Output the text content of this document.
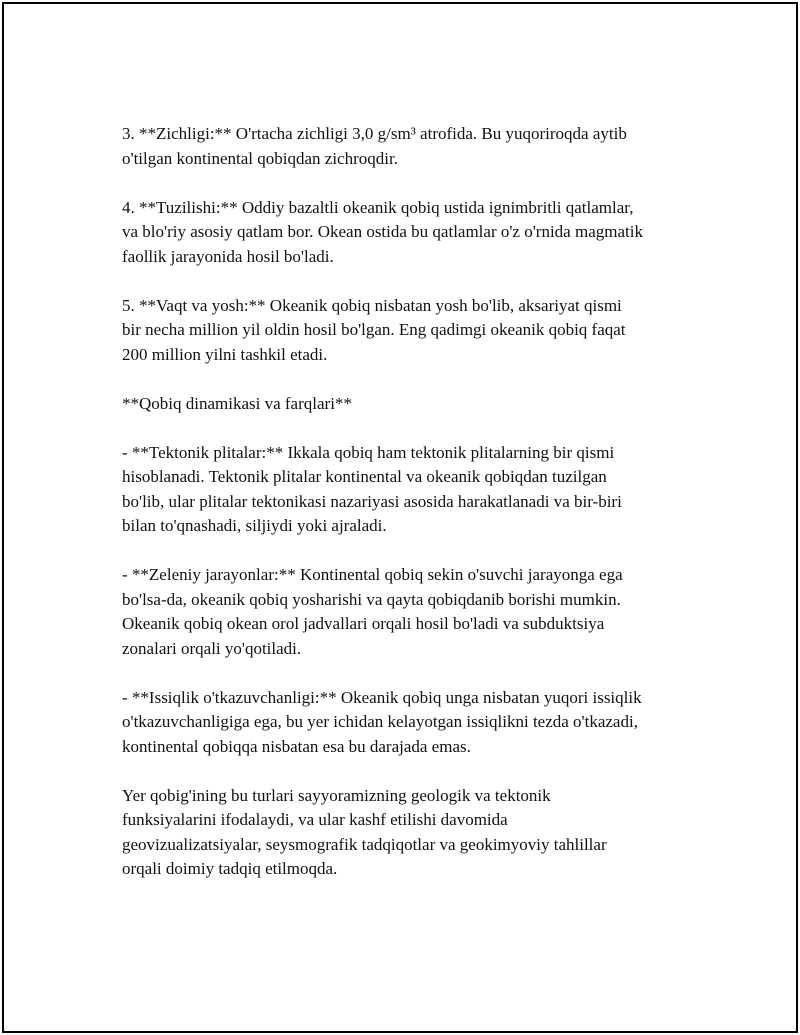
3. **Zichligi:** O'rtacha zichligi 3,0 g/sm³ atrofida. Bu yuqoriroqda aytib
o'tilgan kontinental qobiqdan zichroqdir.

4. **Tuzilishi:** Oddiy bazaltli okeanik qobiq ustida ignimbritli qatlamlar,
va blo'riy asosiy qatlam bor. Okean ostida bu qatlamlar o'z o'rnida magmatik
faollik jarayonida hosil bo'ladi.

5. **Vaqt va yosh:** Okeanik qobiq nisbatan yosh bo'lib, aksariyat qismi
bir necha million yil oldin hosil bo'lgan. Eng qadimgi okeanik qobiq faqat
200 million yilni tashkil etadi.

**Qobiq dinamikasi va farqlari**

- **Tektonik plitalar:** Ikkala qobiq ham tektonik plitalarning bir qismi
hisoblanadi. Tektonik plitalar kontinental va okeanik qobiqdan tuzilgan
bo'lib, ular plitalar tektonikasi nazariyasi asosida harakatlanadi va bir-biri
bilan to'qnashadi, siljiydi yoki ajraladi.

- **Zeleniy jarayonlar:** Kontinental qobiq sekin o'suvchi jarayonga ega
bo'lsa-da, okeanik qobiq yosharishi va qayta qobiqdanib borishi mumkin.
Okeanik qobiq okean orol jadvallari orqali hosil bo'ladi va subduktsiya
zonalari orqali yo'qotiladi.

- **Issiqlik o'tkazuvchanligi:** Okeanik qobiq unga nisbatan yuqori issiqlik
o'tkazuvchanligiga ega, bu yer ichidan kelayotgan issiqlikni tezda o'tkazadi,
kontinental qobiqqa nisbatan esa bu darajada emas.

Yer qobig'ining bu turlari sayyoramizning geologik va tektonik
funksiyalarini ifodalaydi, va ular kashf etilishi davomida
geovizualizatsiyalar, seysmografik tadqiqotlar va geokimyoviy tahlillar
orqali doimiy tadqiq etilmoqda.
